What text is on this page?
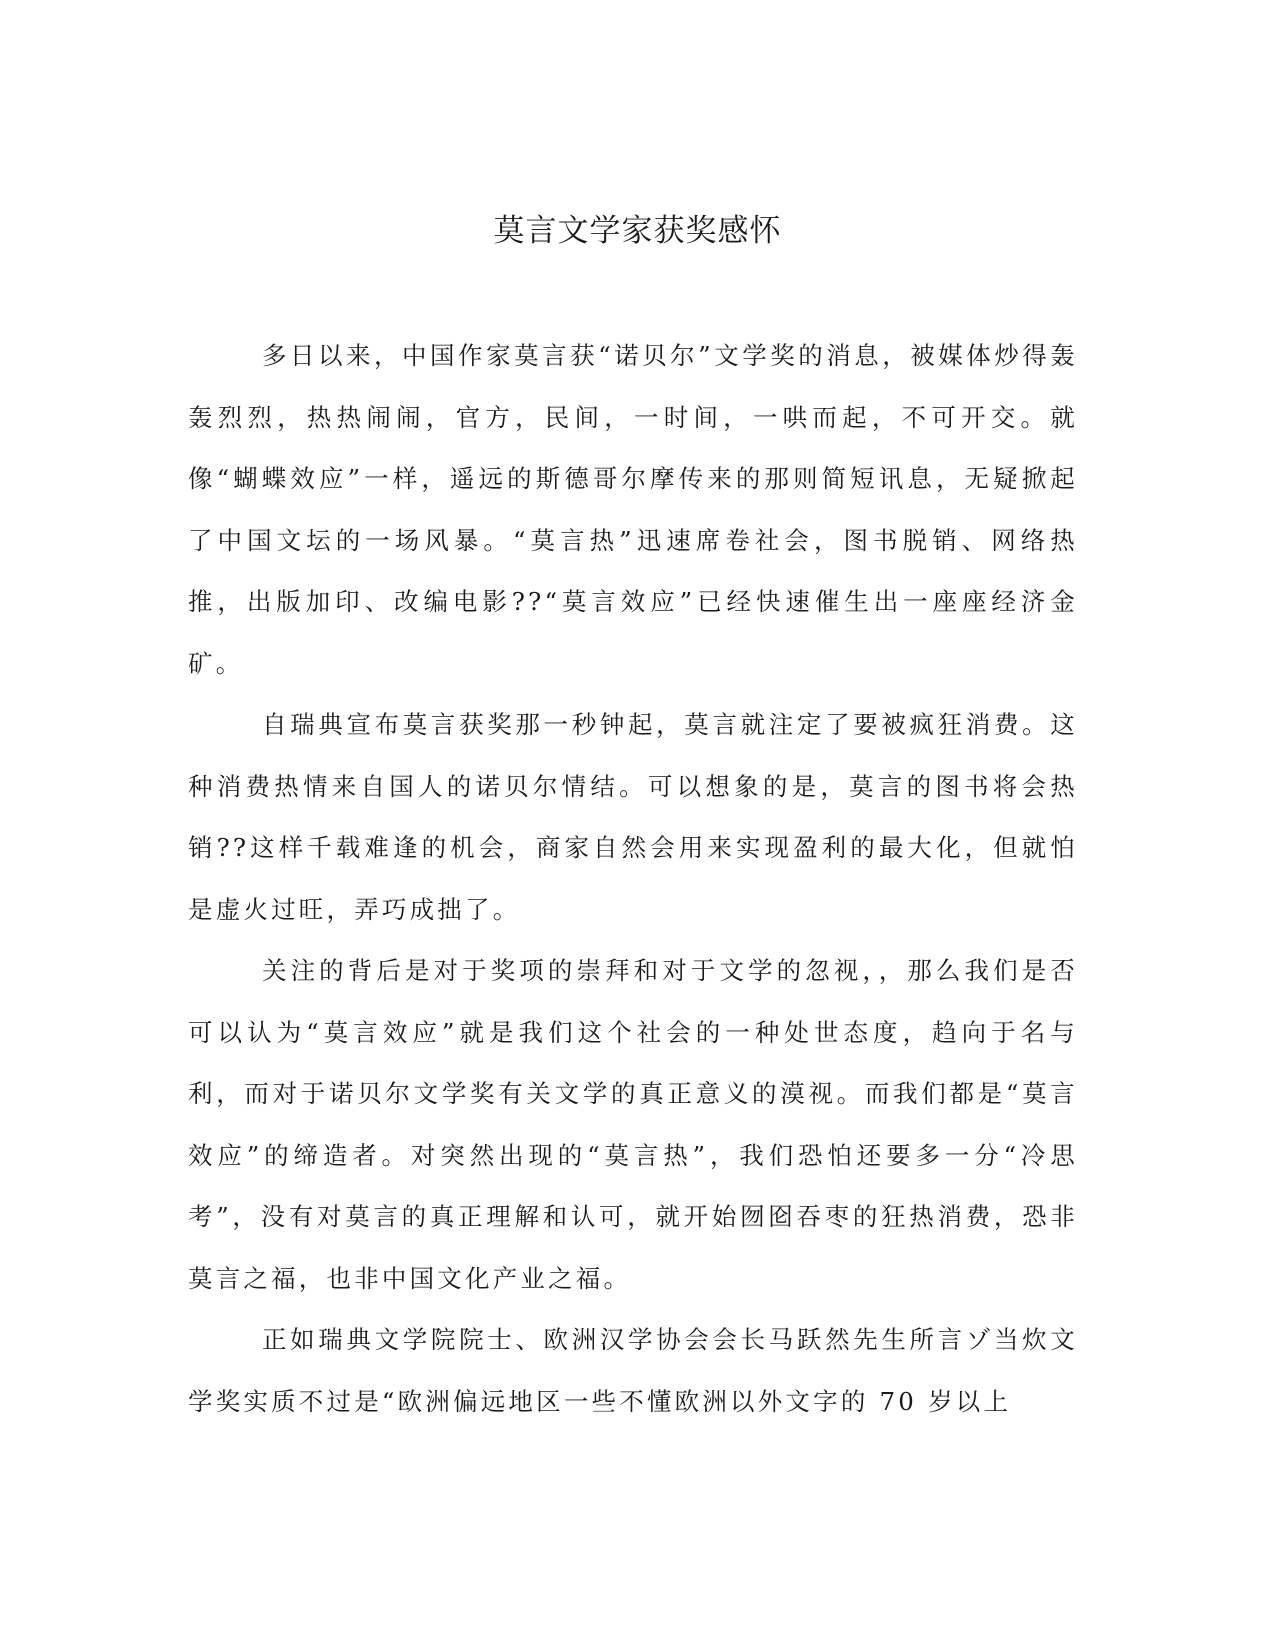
莫言文学家获奖感怀

多日以来，中国作家莫言获“诺贝尔”文学奖的消息，被媒体炒得轰轰烈烈，热热闹闹，官方，民间，一时间，一哄而起，不可开交。就像“蝴蝶效应”一样，遥远的斯德哥尔摩传来的那则简短讯息，无疑掀起了中国文坛的一场风暴。“莫言热”迅速席卷社会，图书脱销、网络热推，出版加印、改编电影??“莫言效应”已经快速催生出一座座经济金矿。

自瑞典宣布莫言获奖那一秒钟起，莫言就注定了要被疯狂消费。这种消费热情来自国人的诺贝尔情结。可以想象的是，莫言的图书将会热销??这样千载难逢的机会，商家自然会用来实现盈利的最大化，但就怕是虚火过旺，弄巧成拙了。

关注的背后是对于奖项的崇拜和对于文学的忽视，，那么我们是否可以认为“莫言效应”就是我们这个社会的一种处世态度，趋向于名与利，而对于诺贝尔文学奖有关文学的真正意义的漠视。而我们都是“莫言效应”的缔造者。对突然出现的“莫言热”，我们恐怕还要多一分“冷思考”，没有对莫言的真正理解和认可，就开始囫囵吞枣的狂热消费，恐非莫言之福，也非中国文化产业之福。

正如瑞典文学院院士、欧洲汉学协会会长马跃然先生所言ゾ当炊文学奖实质不过是“欧洲偏远地区一些不懂欧洲以外文字的 70 岁以上
